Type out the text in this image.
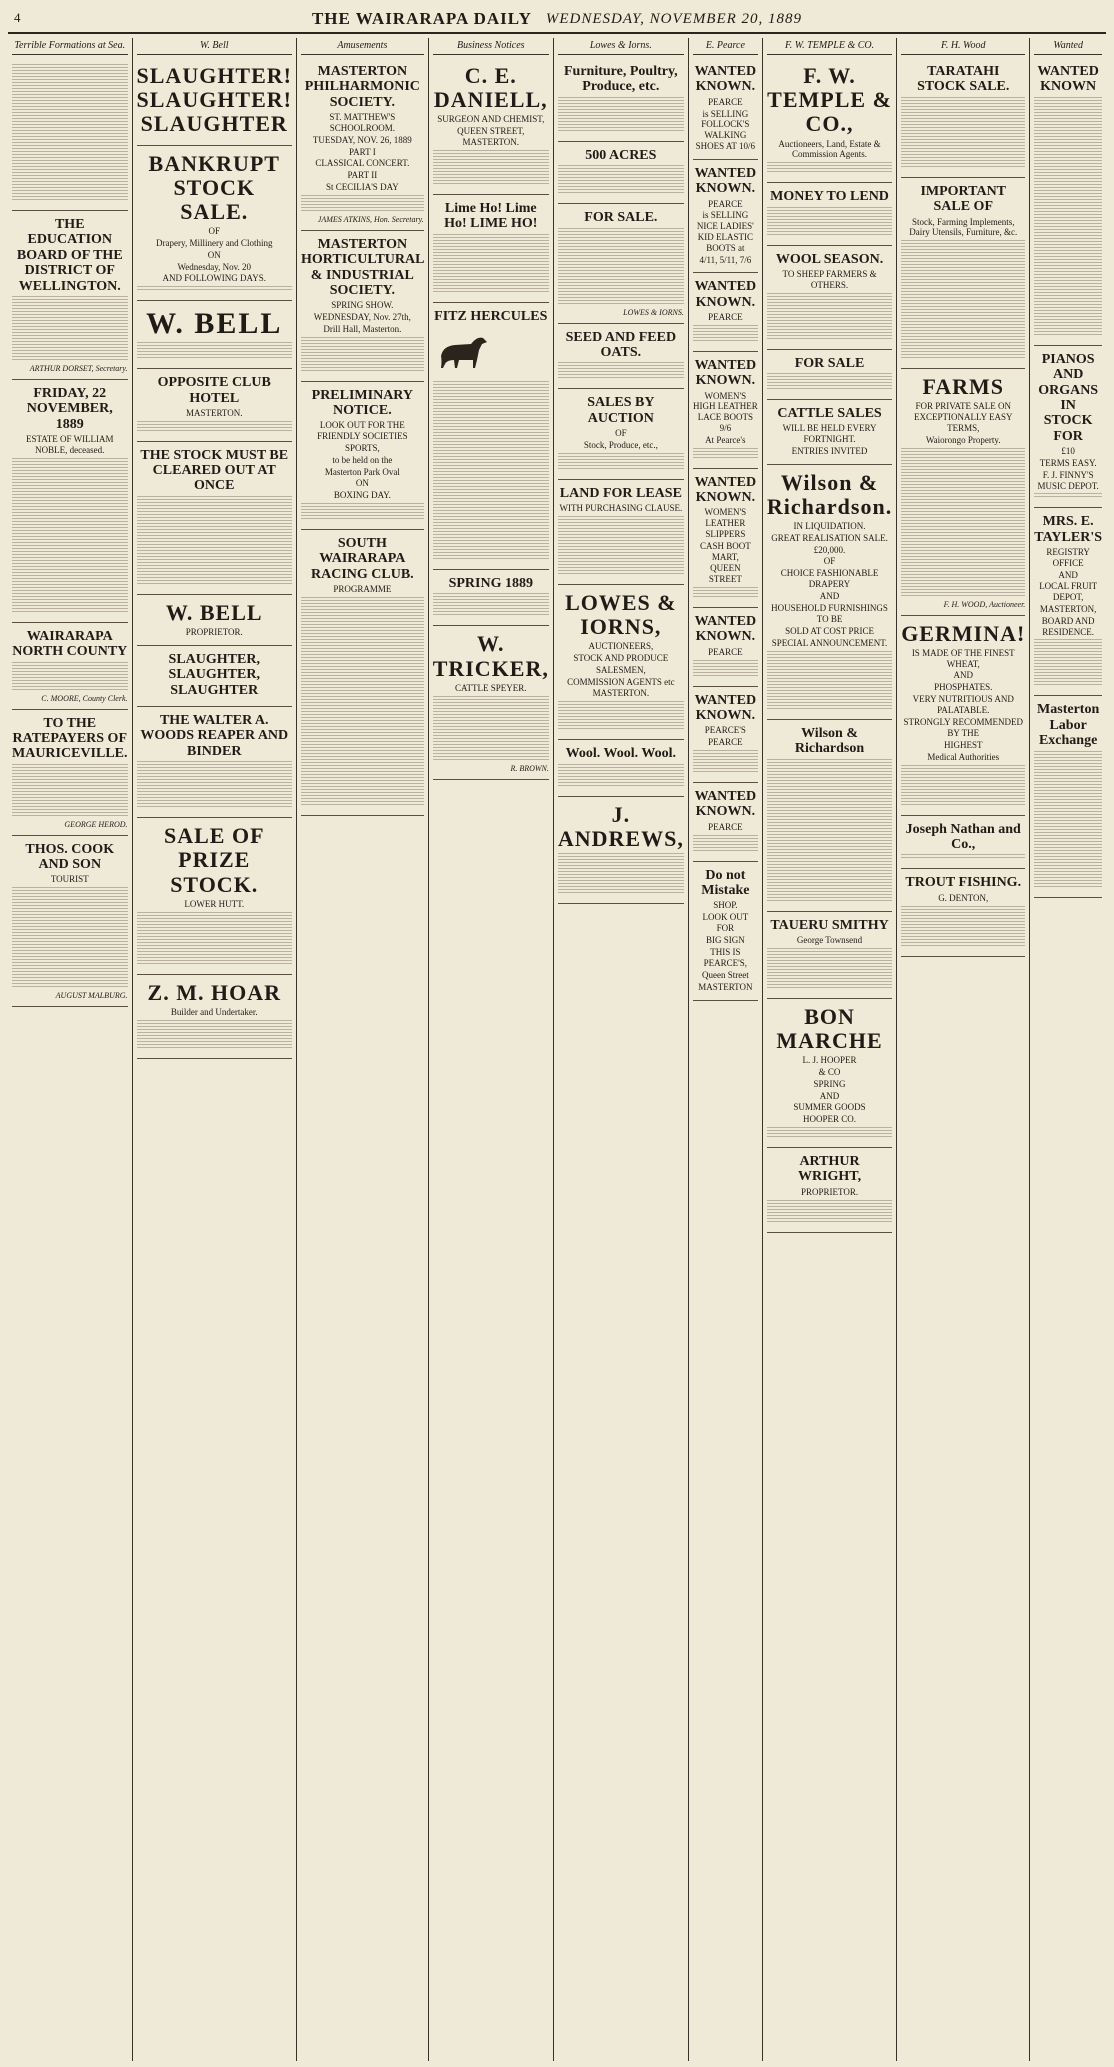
4	THE WAIRARAPA DAILY WEDNESDAY, NOVEMBER 20, 1889
Terrible Formations at Sea.
THE EDUCATION BOARD OF THE DISTRICT OF WELLINGTON.
ARTHUR DORSET, Secretary.
FRIDAY, 22 NOVEMBER, 1889
ESTATE OF WILLIAM NOBLE, deceased.
WAIRARAPA NORTH COUNTY
C. MOORE, County Clerk.
TO THE RATEPAYERS OF MAURICEVILLE.
GEORGE HEROD.
THOS. COOK AND SON
TOURIST
AUGUST MALBURG.
W. Bell
SLAUGHTER! SLAUGHTER! SLAUGHTER
BANKRUPT STOCK SALE.
OF
Drapery, Millinery and Clothing
ON
Wednesday, Nov. 20
AND FOLLOWING DAYS.
W. BELL
OPPOSITE CLUB HOTEL
MASTERTON.
THE STOCK MUST BE CLEARED OUT AT ONCE
W. BELL
PROPRIETOR.
SLAUGHTER, SLAUGHTER, SLAUGHTER
THE WALTER A. WOODS REAPER AND BINDER
SALE OF PRIZE STOCK.
LOWER HUTT.
Z. M. HOAR
Builder and Undertaker.
Amusements
MASTERTON PHILHARMONIC SOCIETY.
ST. MATTHEW'S SCHOOLROOM.
TUESDAY, NOV. 26, 1889
PART I
CLASSICAL CONCERT.
PART II
St CECILIA'S DAY
JAMES ATKINS, Hon. Secretary.
MASTERTON HORTICULTURAL & INDUSTRIAL SOCIETY.
SPRING SHOW.
WEDNESDAY, Nov. 27th,
Drill Hall, Masterton.
PRELIMINARY NOTICE.
LOOK OUT FOR THE FRIENDLY SOCIETIES
SPORTS,
to be held on the
Masterton Park Oval
ON
BOXING DAY.
SOUTH WAIRARAPA RACING CLUB.
PROGRAMME
Business Notices
C. E. DANIELL,
SURGEON AND CHEMIST,
QUEEN STREET, MASTERTON.
Lime Ho! Lime Ho! LIME HO!
FITZ HERCULES
SPRING 1889
W. TRICKER,
CATTLE SPEYER.
R. BROWN.
Lowes & Iorns.
Furniture, Poultry, Produce, etc.
500 ACRES
FOR SALE.
LOWES & IORNS.
SEED AND FEED OATS.
SALES BY AUCTION
OF
Stock, Produce, etc.,
LAND FOR LEASE
WITH PURCHASING CLAUSE.
LOWES & IORNS,
AUCTIONEERS,
STOCK AND PRODUCE
SALESMEN,
COMMISSION AGENTS etc
MASTERTON.
Wool. Wool. Wool.
J. ANDREWS,
E. Pearce
WANTED KNOWN.
PEARCE
is SELLING FOLLOCK'S WALKING SHOES AT 10/6
WANTED KNOWN.
PEARCE
is SELLING NICE LADIES' KID ELASTIC BOOTS at
4/11, 5/11, 7/6
WANTED KNOWN.
PEARCE
WANTED KNOWN.
WOMEN'S HIGH LEATHER LACE BOOTS 9/6
At Pearce's
WANTED KNOWN.
WOMEN'S LEATHER SLIPPERS
CASH BOOT MART,
QUEEN STREET
WANTED KNOWN.
PEARCE
WANTED KNOWN.
PEARCE'S
PEARCE
WANTED KNOWN.
PEARCE
Do not Mistake
SHOP.
LOOK OUT FOR
BIG SIGN
THIS IS
PEARCE'S,
Queen Street
MASTERTON
F. W. TEMPLE & CO.
F. W. TEMPLE & CO.,
Auctioneers, Land, Estate & Commission Agents.
MONEY TO LEND
WOOL SEASON.
TO SHEEP FARMERS & OTHERS.
FOR SALE
CATTLE SALES
WILL BE HELD EVERY FORTNIGHT.
ENTRIES INVITED
Wilson & Richardson.
IN LIQUIDATION.
GREAT REALISATION SALE.
£20,000.
OF
CHOICE FASHIONABLE DRAPERY
AND
HOUSEHOLD FURNISHINGS
TO BE
SOLD AT COST PRICE
SPECIAL ANNOUNCEMENT.
Wilson & Richardson
TAUERU SMITHY
George Townsend
BON MARCHE
L. J. HOOPER
& CO
SPRING
AND
SUMMER GOODS
HOOPER CO.
ARTHUR WRIGHT,
PROPRIETOR.
F. H. Wood
TARATAHI STOCK SALE.
IMPORTANT SALE OF
Stock, Farming Implements, Dairy Utensils, Furniture, &c.
FARMS
FOR PRIVATE SALE ON EXCEPTIONALLY EASY TERMS,
Waiorongo Property.
F. H. WOOD, Auctioneer.
GERMINA!
IS MADE OF THE FINEST WHEAT,
AND
PHOSPHATES.
VERY NUTRITIOUS AND PALATABLE.
STRONGLY RECOMMENDED
BY THE
HIGHEST
Medical Authorities
Joseph Nathan and Co.,
TROUT FISHING.
G. DENTON,
Wanted
WANTED KNOWN
PIANOS AND ORGANS IN STOCK FOR
£10
TERMS EASY.
F. J. FINNY'S MUSIC DEPOT.
MRS. E. TAYLER'S
REGISTRY OFFICE
AND
LOCAL FRUIT DEPOT,
MASTERTON,
BOARD AND RESIDENCE.
Masterton Labor Exchange
